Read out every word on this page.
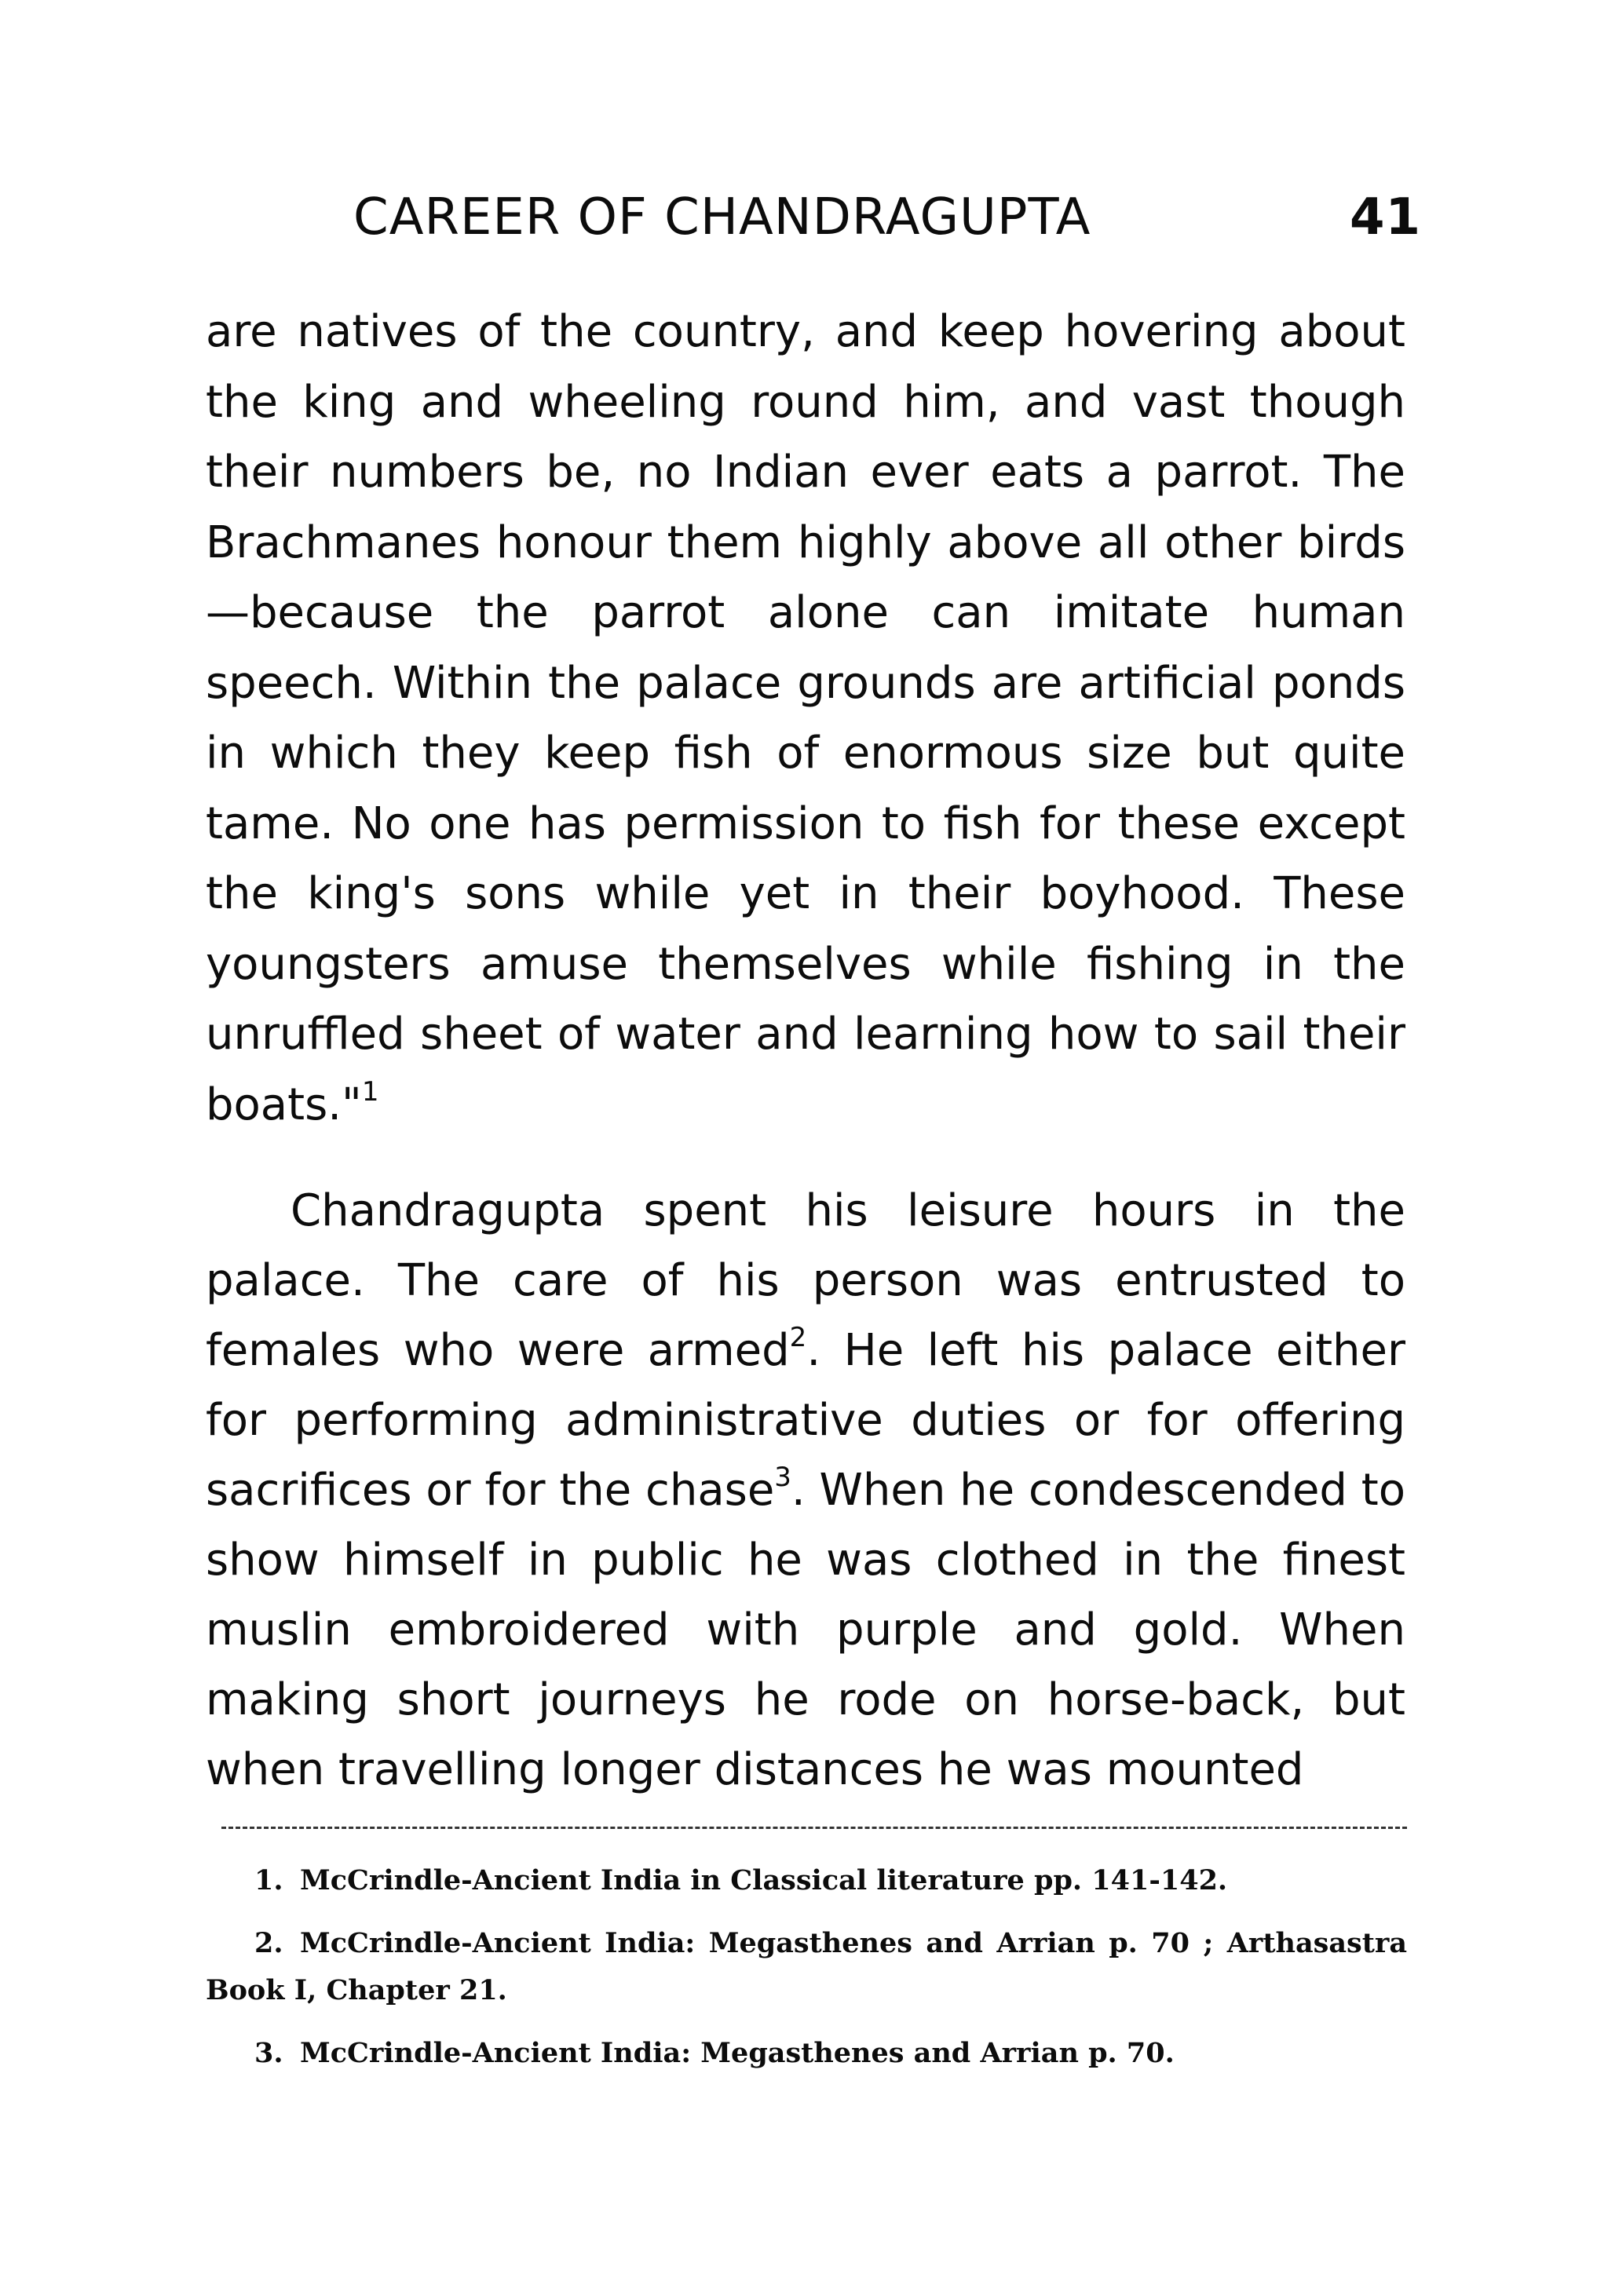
CAREER OF CHANDRAGUPTA	41

are natives of the country, and keep hovering about the king and wheeling round him, and vast though their numbers be, no Indian ever eats a parrot. The Brachmanes honour them highly above all other birds—because the parrot alone can imitate human speech. Within the palace grounds are artificial ponds in which they keep fish of enormous size but quite tame. No one has permission to fish for these except the king's sons while yet in their boyhood. These youngsters amuse themselves while fishing in the unruffled sheet of water and learning how to sail their boats."$^1$

Chandragupta spent his leisure hours in the palace. The care of his person was entrusted to females who were armed$^2$. He left his palace either for performing administrative duties or for offering sacrifices or for the chase$^3$. When he condescended to show himself in public he was clothed in the finest muslin embroidered with purple and gold. When making short journeys he rode on horse-back, but when travelling longer distances he was mounted

1. McCrindle-Ancient India in Classical literature pp. 141-142.

2. McCrindle-Ancient India: Megasthenes and Arrian p. 70 ; Arthasastra Book I, Chapter 21.

3. McCrindle-Ancient India: Megasthenes and Arrian p. 70.
